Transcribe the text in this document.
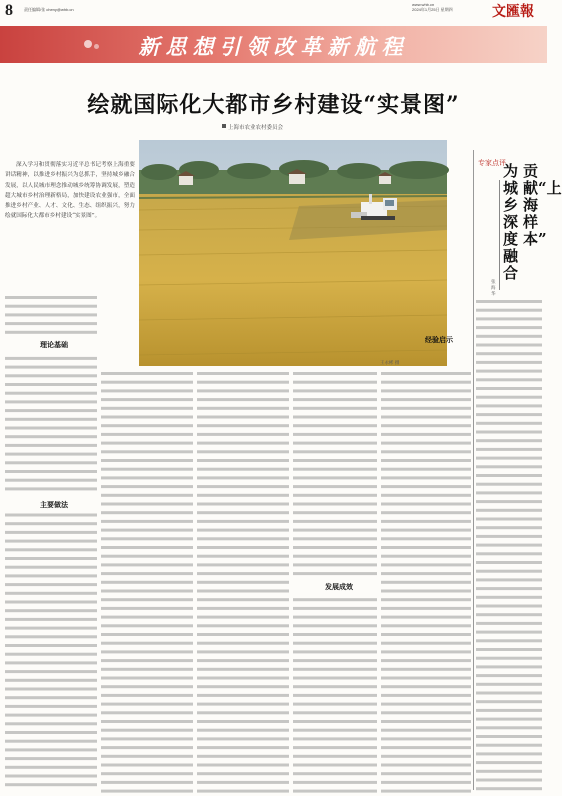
8	责任编辑/张 cheny@whb.cn
www.whb.cn
2024年1月25日 星期四	文匯報
新思想引领改革新航程
绘就国际化大都市乡村建设“实景图”
上海市农业农村委员会
深入学习和贯彻落实习近平总书记考察上海重要讲话精神，以推进乡村振兴为总抓手，坚持城乡融合发展，以人民城市理念推动城乡统筹协调发展，塑造超大城市乡村治理新格局，加快建设农业强市，全面推进乡村产业、人才、文化、生态、组织振兴，努力绘就国际化大都市乡村建设“实景图”。
王永彬 摄
专家点评
为城乡深度融合
贡献“上海样本”
张海华
理论基础
主要做法
发展成效
经验启示
